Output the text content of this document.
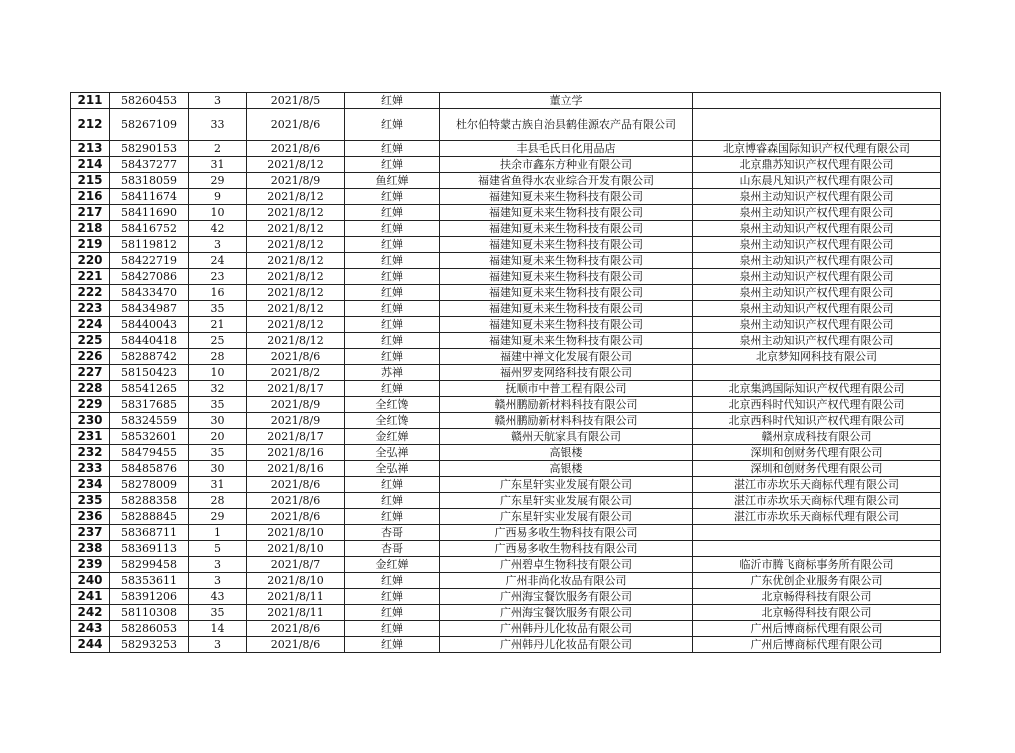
211	58260453	3	2021/8/5	红婵	董立学	
212	58267109	33	2021/8/6	红婵	杜尔伯特蒙古族自治县鹤佳源农产品有限公司	
213	58290153	2	2021/8/6	红婵	丰县毛氏日化用品店	北京博睿森国际知识产权代理有限公司
214	58437277	31	2021/8/12	红婵	扶余市鑫东方种业有限公司	北京鼎苏知识产权代理有限公司
215	58318059	29	2021/8/9	鱼红婵	福建省鱼得水农业综合开发有限公司	山东晨凡知识产权代理有限公司
216	58411674	9	2021/8/12	红婵	福建知夏未来生物科技有限公司	泉州主动知识产权代理有限公司
217	58411690	10	2021/8/12	红婵	福建知夏未来生物科技有限公司	泉州主动知识产权代理有限公司
218	58416752	42	2021/8/12	红婵	福建知夏未来生物科技有限公司	泉州主动知识产权代理有限公司
219	58119812	3	2021/8/12	红婵	福建知夏未来生物科技有限公司	泉州主动知识产权代理有限公司
220	58422719	24	2021/8/12	红婵	福建知夏未来生物科技有限公司	泉州主动知识产权代理有限公司
221	58427086	23	2021/8/12	红婵	福建知夏未来生物科技有限公司	泉州主动知识产权代理有限公司
222	58433470	16	2021/8/12	红婵	福建知夏未来生物科技有限公司	泉州主动知识产权代理有限公司
223	58434987	35	2021/8/12	红婵	福建知夏未来生物科技有限公司	泉州主动知识产权代理有限公司
224	58440043	21	2021/8/12	红婵	福建知夏未来生物科技有限公司	泉州主动知识产权代理有限公司
225	58440418	25	2021/8/12	红婵	福建知夏未来生物科技有限公司	泉州主动知识产权代理有限公司
226	58288742	28	2021/8/6	红婵	福建中禅文化发展有限公司	北京梦知网科技有限公司
227	58150423	10	2021/8/2	苏禅	福州罗麦网络科技有限公司	
228	58541265	32	2021/8/17	红婵	抚顺市中普工程有限公司	北京集鸿国际知识产权代理有限公司
229	58317685	35	2021/8/9	全红馋	赣州鹏励新材料科技有限公司	北京西科时代知识产权代理有限公司
230	58324559	30	2021/8/9	全红馋	赣州鹏励新材料科技有限公司	北京西科时代知识产权代理有限公司
231	58532601	20	2021/8/17	金红婵	赣州天航家具有限公司	赣州京成科技有限公司
232	58479455	35	2021/8/16	全弘禅	高银楼	深圳和创财务代理有限公司
233	58485876	30	2021/8/16	全弘禅	高银楼	深圳和创财务代理有限公司
234	58278009	31	2021/8/6	红婵	广东星轩实业发展有限公司	湛江市赤坎乐天商标代理有限公司
235	58288358	28	2021/8/6	红婵	广东星轩实业发展有限公司	湛江市赤坎乐天商标代理有限公司
236	58288845	29	2021/8/6	红婵	广东星轩实业发展有限公司	湛江市赤坎乐天商标代理有限公司
237	58368711	1	2021/8/10	杏哥	广西易多收生物科技有限公司	
238	58369113	5	2021/8/10	杏哥	广西易多收生物科技有限公司	
239	58299458	3	2021/8/7	金红婵	广州碧卓生物科技有限公司	临沂市腾飞商标事务所有限公司
240	58353611	3	2021/8/10	红婵	广州非尚化妆品有限公司	广东优创企业服务有限公司
241	58391206	43	2021/8/11	红婵	广州海宝餐饮服务有限公司	北京畅得科技有限公司
242	58110308	35	2021/8/11	红婵	广州海宝餐饮服务有限公司	北京畅得科技有限公司
243	58286053	14	2021/8/6	红婵	广州韩丹儿化妆品有限公司	广州后博商标代理有限公司
244	58293253	3	2021/8/6	红婵	广州韩丹儿化妆品有限公司	广州后博商标代理有限公司
